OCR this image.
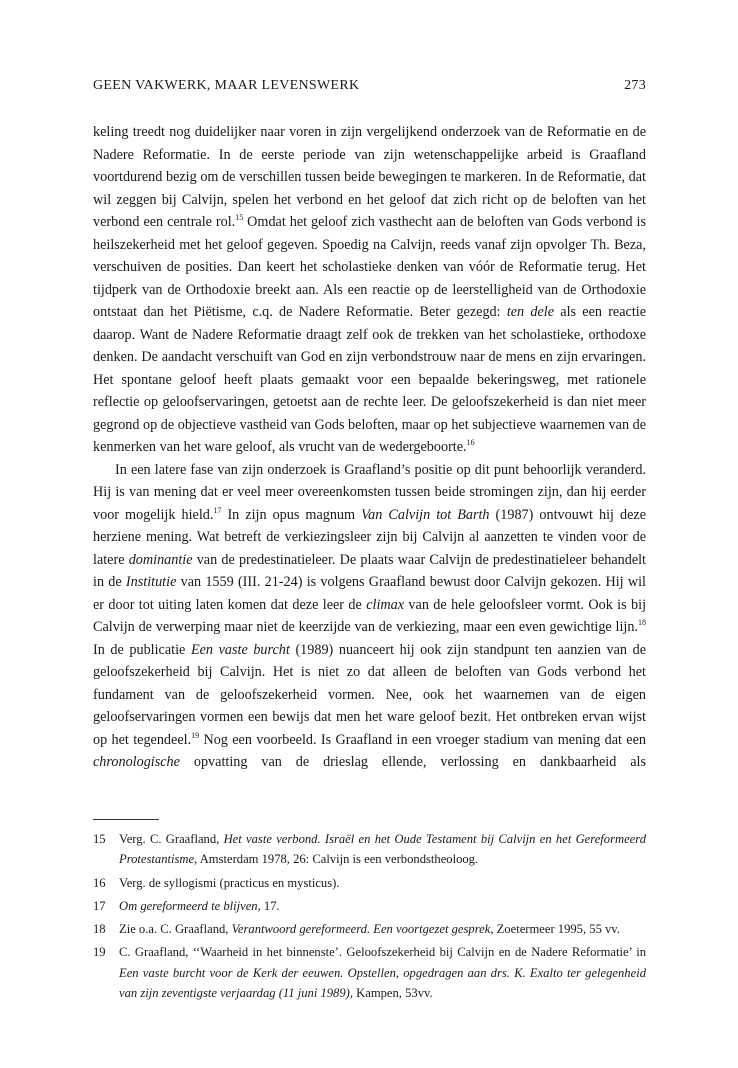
GEEN VAKWERK, MAAR LEVENSWERK	273

keling treedt nog duidelijker naar voren in zijn vergelijkend onderzoek van de Reformatie en de Nadere Reformatie. In de eerste periode van zijn wetenschappelijke arbeid is Graafland voortdurend bezig om de verschillen tussen beide bewegingen te markeren. In de Reformatie, dat wil zeggen bij Calvijn, spelen het verbond en het geloof dat zich richt op de beloften van het verbond een centrale rol.$^{15}$ Omdat het geloof zich vasthecht aan de beloften van Gods verbond is heilszekerheid met het geloof gegeven. Spoedig na Calvijn, reeds vanaf zijn opvolger Th. Beza, verschuiven de posities. Dan keert het scholastieke denken van vóór de Reformatie terug. Het tijdperk van de Orthodoxie breekt aan. Als een reactie op de leerstelligheid van de Orthodoxie ontstaat dan het Piëtisme, c.q. de Nadere Reformatie. Beter gezegd: ten dele als een reactie daarop. Want de Nadere Reformatie draagt zelf ook de trekken van het scholastieke, orthodoxe denken. De aandacht verschuift van God en zijn verbondstrouw naar de mens en zijn ervaringen. Het spontane geloof heeft plaats gemaakt voor een bepaalde bekeringsweg, met rationele reflectie op geloofservaringen, getoetst aan de rechte leer. De geloofszekerheid is dan niet meer gegrond op de objectieve vastheid van Gods beloften, maar op het subjectieve waarnemen van de kenmerken van het ware geloof, als vrucht van de wedergeboorte.$^{16}$

In een latere fase van zijn onderzoek is Graafland’s positie op dit punt behoorlijk veranderd. Hij is van mening dat er veel meer overeenkomsten tussen beide stromingen zijn, dan hij eerder voor mogelijk hield.$^{17}$ In zijn opus magnum Van Calvijn tot Barth (1987) ontvouwt hij deze herziene mening. Wat betreft de verkiezingsleer zijn bij Calvijn al aanzetten te vinden voor de latere dominantie van de predestinatieleer. De plaats waar Calvijn de predestinatieleer behandelt in de Institutie van 1559 (III. 21-24) is volgens Graafland bewust door Calvijn gekozen. Hij wil er door tot uiting laten komen dat deze leer de climax van de hele geloofsleer vormt. Ook is bij Calvijn de verwerping maar niet de keerzijde van de verkiezing, maar een even gewichtige lijn.$^{18}$ In de publicatie Een vaste burcht (1989) nuanceert hij ook zijn standpunt ten aanzien van de geloofszekerheid bij Calvijn. Het is niet zo dat alleen de beloften van Gods verbond het fundament van de geloofszekerheid vormen. Nee, ook het waarnemen van de eigen geloofservaringen vormen een bewijs dat men het ware geloof bezit. Het ontbreken ervan wijst op het tegendeel.$^{19}$ Nog een voorbeeld. Is Graafland in een vroeger stadium van mening dat een chronologische opvatting van de drieslag ellende, verlossing en dankbaarheid als

15 Verg. C. Graafland, Het vaste verbond. Israël en het Oude Testament bij Calvijn en het Gereformeerd Protestantisme, Amsterdam 1978, 26: Calvijn is een verbondstheoloog.

16 Verg. de syllogismi (practicus en mysticus).

17 Om gereformeerd te blijven, 17.

18 Zie o.a. C. Graafland, Verantwoord gereformeerd. Een voortgezet gesprek, Zoetermeer 1995, 55 vv.

19 C. Graafland, ‘‘Waarheid in het binnenste’. Geloofszekerheid bij Calvijn en de Nadere Reformatie’ in Een vaste burcht voor de Kerk der eeuwen. Opstellen, opgedragen aan drs. K. Exalto ter gelegenheid van zijn zeventigste verjaardag (11 juni 1989), Kampen, 53vv.
